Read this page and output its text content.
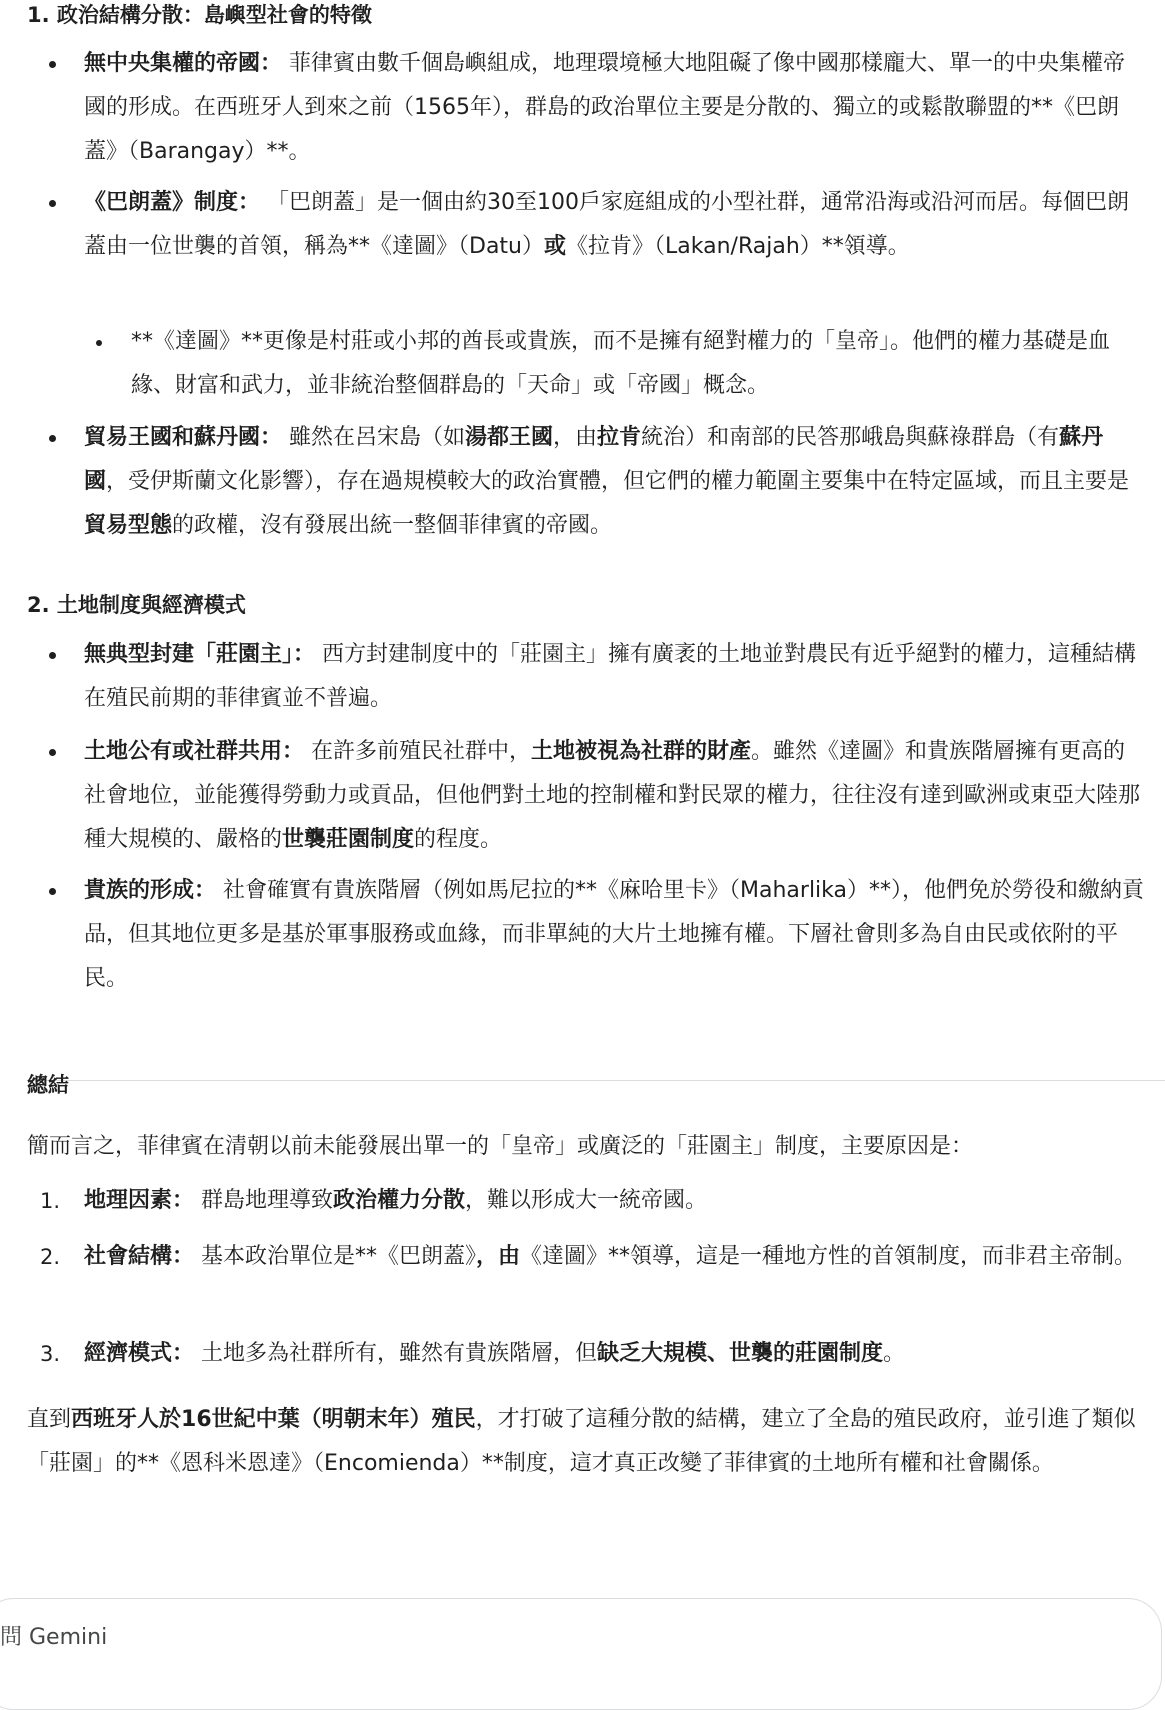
1. 政治結構分散：島嶼型社會的特徵
無中央集權的帝國： 菲律賓由數千個島嶼組成，地理環境極大地阻礙了像中國那樣龐大、單一的中央集權帝國的形成。在西班牙人到來之前（1565年），群島的政治單位主要是分散的、獨立的或鬆散聯盟的**《巴朗蓋》（Barangay）**。
《巴朗蓋》制度： 「巴朗蓋」是一個由約30至100戶家庭組成的小型社群，通常沿海或沿河而居。每個巴朗蓋由一位世襲的首領，稱為**《達圖》（Datu）或《拉肯》（Lakan/Rajah）**領導。
**《達圖》**更像是村莊或小邦的酋長或貴族，而不是擁有絕對權力的「皇帝」。他們的權力基礎是血緣、財富和武力，並非統治整個群島的「天命」或「帝國」概念。
貿易王國和蘇丹國： 雖然在呂宋島（如湯都王國，由拉肯統治）和南部的民答那峨島與蘇祿群島（有蘇丹國，受伊斯蘭文化影響），存在過規模較大的政治實體，但它們的權力範圍主要集中在特定區域，而且主要是貿易型態的政權，沒有發展出統一整個菲律賓的帝國。
2. 土地制度與經濟模式
無典型封建「莊園主」： 西方封建制度中的「莊園主」擁有廣袤的土地並對農民有近乎絕對的權力，這種結構在殖民前期的菲律賓並不普遍。
土地公有或社群共用： 在許多前殖民社群中，土地被視為社群的財產。雖然《達圖》和貴族階層擁有更高的社會地位，並能獲得勞動力或貢品，但他們對土地的控制權和對民眾的權力，往往沒有達到歐洲或東亞大陸那種大規模的、嚴格的世襲莊園制度的程度。
貴族的形成： 社會確實有貴族階層（例如馬尼拉的**《麻哈里卡》（Maharlika）**），他們免於勞役和繳納貢品，但其地位更多是基於軍事服務或血緣，而非單純的大片土地擁有權。下層社會則多為自由民或依附的平民。
總結

簡而言之，菲律賓在清朝以前未能發展出單一的「皇帝」或廣泛的「莊園主」制度，主要原因是：

1. 地理因素： 群島地理導致政治權力分散，難以形成大一統帝國。
2. 社會結構： 基本政治單位是**《巴朗蓋》，由《達圖》**領導，這是一種地方性的首領制度，而非君主帝制。
3. 經濟模式： 土地多為社群所有，雖然有貴族階層，但缺乏大規模、世襲的莊園制度。

直到西班牙人於16世紀中葉（明朝末年）殖民，才打破了這種分散的結構，建立了全島的殖民政府，並引進了類似「莊園」的**《恩科米恩達》（Encomienda）**制度，這才真正改變了菲律賓的土地所有權和社會關係。

問 Gemini
